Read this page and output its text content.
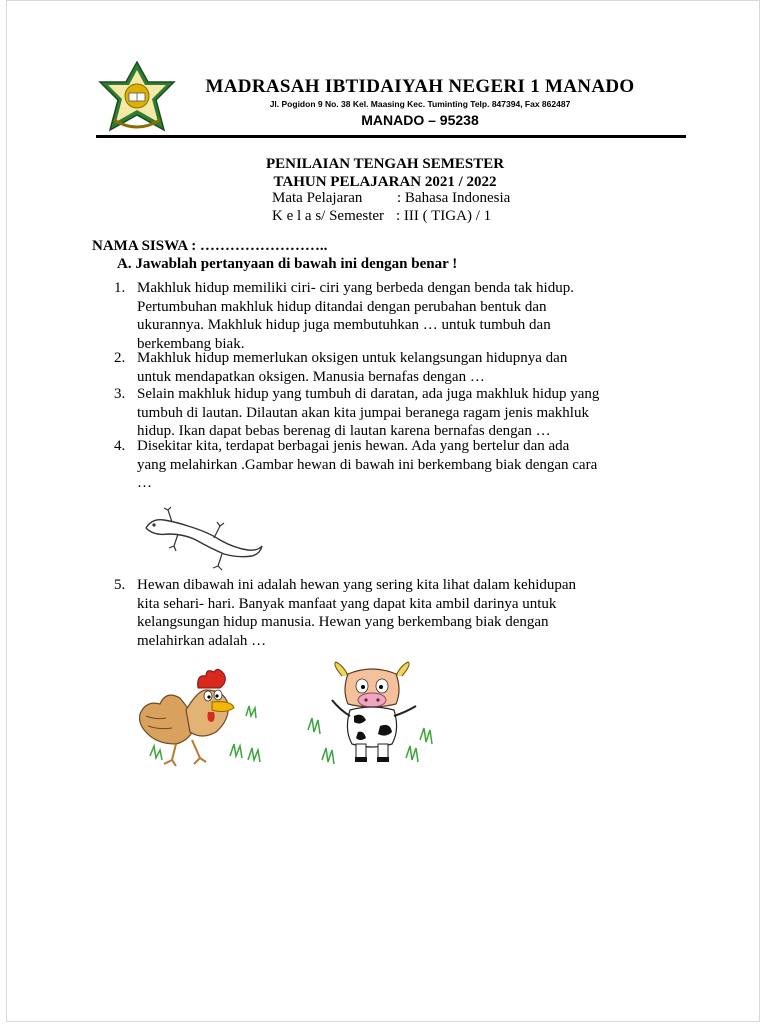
MADRASAH IBTIDAIYAH NEGERI 1 MANADO
Jl. Pogidon 9 No. 38 Kel. Maasing Kec. Tuminting Telp. 847394, Fax 862487
MANADO – 95238
PENILAIAN TENGAH SEMESTER
TAHUN PELAJARAN 2021 / 2022
Mata Pelajaran	: Bahasa Indonesia
K e l a s/ Semester : III ( TIGA) / 1
NAMA SISWA : ……………………..
A. Jawablah pertanyaan di bawah ini dengan benar !
1. Makhluk hidup memiliki ciri- ciri yang berbeda dengan benda tak hidup.
Pertumbuhan makhluk hidup ditandai dengan perubahan bentuk dan
ukurannya. Makhluk hidup juga membutuhkan … untuk tumbuh dan
berkembang biak.
2. Makhluk hidup memerlukan oksigen untuk kelangsungan hidupnya dan
untuk mendapatkan oksigen. Manusia bernafas dengan …
3. Selain makhluk hidup yang tumbuh di daratan, ada juga makhluk hidup yang
tumbuh di lautan. Dilautan akan kita jumpai beranega ragam jenis makhluk
hidup. Ikan dapat bebas berenag di lautan karena bernafas dengan …
4. Disekitar kita, terdapat berbagai jenis hewan. Ada yang bertelur dan ada
yang melahirkan .Gambar hewan di bawah ini berkembang biak dengan cara
…
5. Hewan dibawah ini adalah hewan yang sering kita lihat dalam kehidupan
kita sehari- hari. Banyak manfaat yang dapat kita ambil darinya untuk
kelangsungan hidup manusia. Hewan yang berkembang biak dengan
melahirkan adalah …
